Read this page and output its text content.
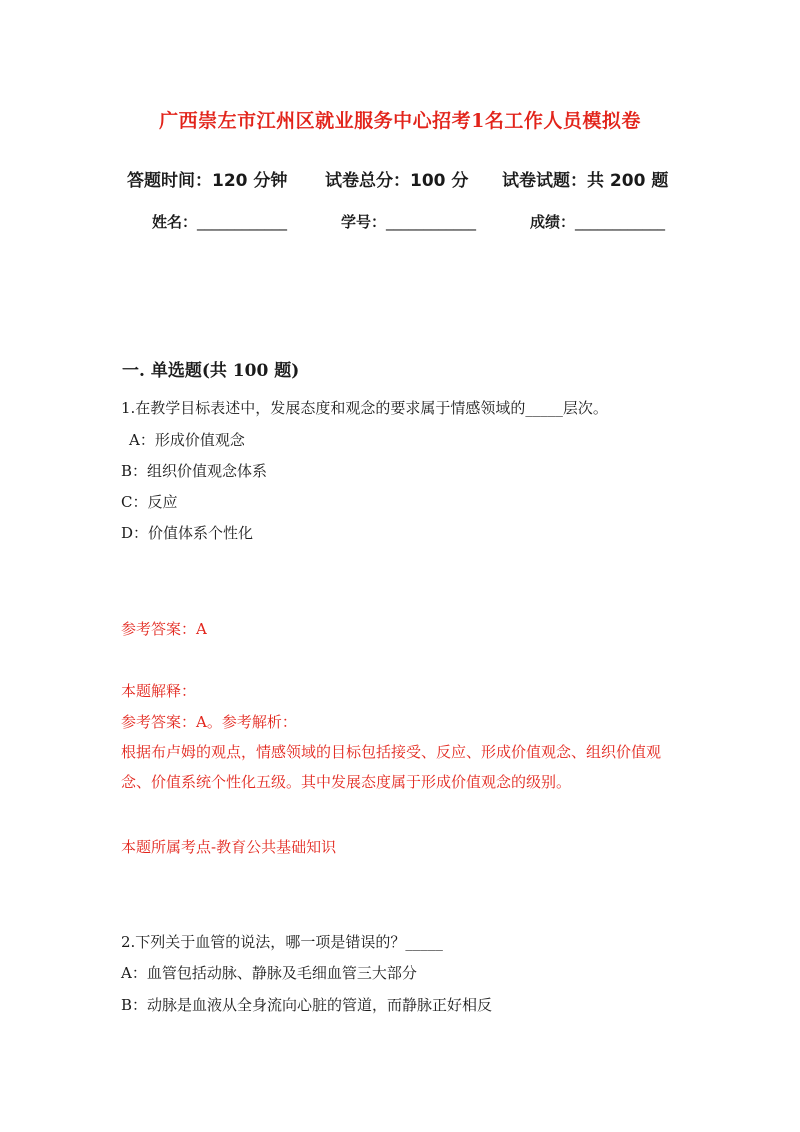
广西崇左市江州区就业服务中心招考1名工作人员模拟卷
答题时间：120 分钟 试卷总分：100 分 试卷试题：共 200 题
姓名：____________	学号：____________	成绩：____________
一. 单选题(共 100 题)
1.在教学目标表述中，发展态度和观念的要求属于情感领域的_____层次。
A：形成价值观念
B：组织价值观念体系
C：反应
D：价值体系个性化
参考答案：A
本题解释：
参考答案：A。参考解析：
根据布卢姆的观点，情感领域的目标包括接受、反应、形成价值观念、组织价值观念、价值系统个性化五级。其中发展态度属于形成价值观念的级别。
本题所属考点-教育公共基础知识
2.下列关于血管的说法，哪一项是错误的？_____
A：血管包括动脉、静脉及毛细血管三大部分
B：动脉是血液从全身流向心脏的管道，而静脉正好相反
